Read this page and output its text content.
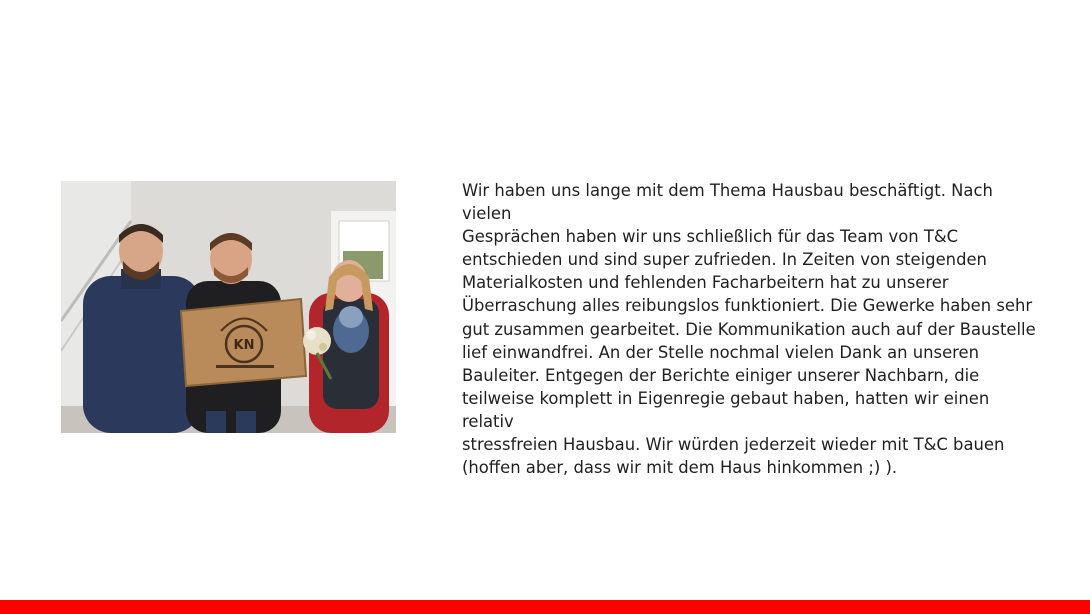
KN

Wir haben uns lange mit dem Thema Hausbau beschäftigt. Nach vielen
Gesprächen haben wir uns schließlich für das Team von T&C
entschieden und sind super zufrieden. In Zeiten von steigenden
Materialkosten und fehlenden Facharbeitern hat zu unserer
Überraschung alles reibungslos funktioniert. Die Gewerke haben sehr
gut zusammen gearbeitet. Die Kommunikation auch auf der Baustelle
lief einwandfrei. An der Stelle nochmal vielen Dank an unseren
Bauleiter. Entgegen der Berichte einiger unserer Nachbarn, die
teilweise komplett in Eigenregie gebaut haben, hatten wir einen relativ
stressfreien Hausbau. Wir würden jederzeit wieder mit T&C bauen
(hoffen aber, dass wir mit dem Haus hinkommen ;) ).
